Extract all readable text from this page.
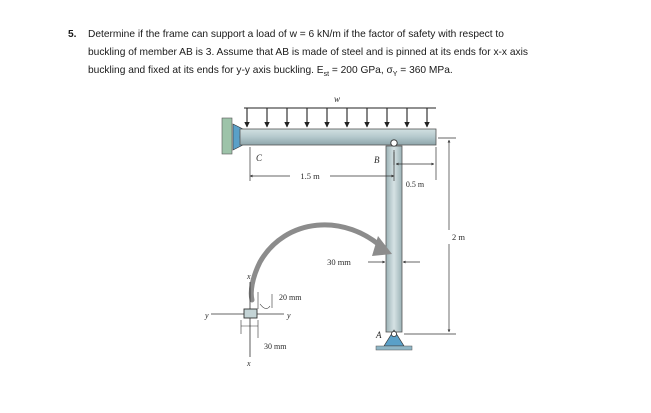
5. Determine if the frame can support a load of w = 6 kN/m if the factor of safety with respect to
buckling of member AB is 3. Assume that AB is made of steel and is pinned at its ends for x-x axis
buckling and fixed at its ends for y-y axis buckling. $E_{st} = 200$ GPa, $\sigma_Y = 360$ MPa.
w
C	B
A
1.5 m
0.5 m
2 m
30 mm
20 mm
30 mm
x
x
y	y
